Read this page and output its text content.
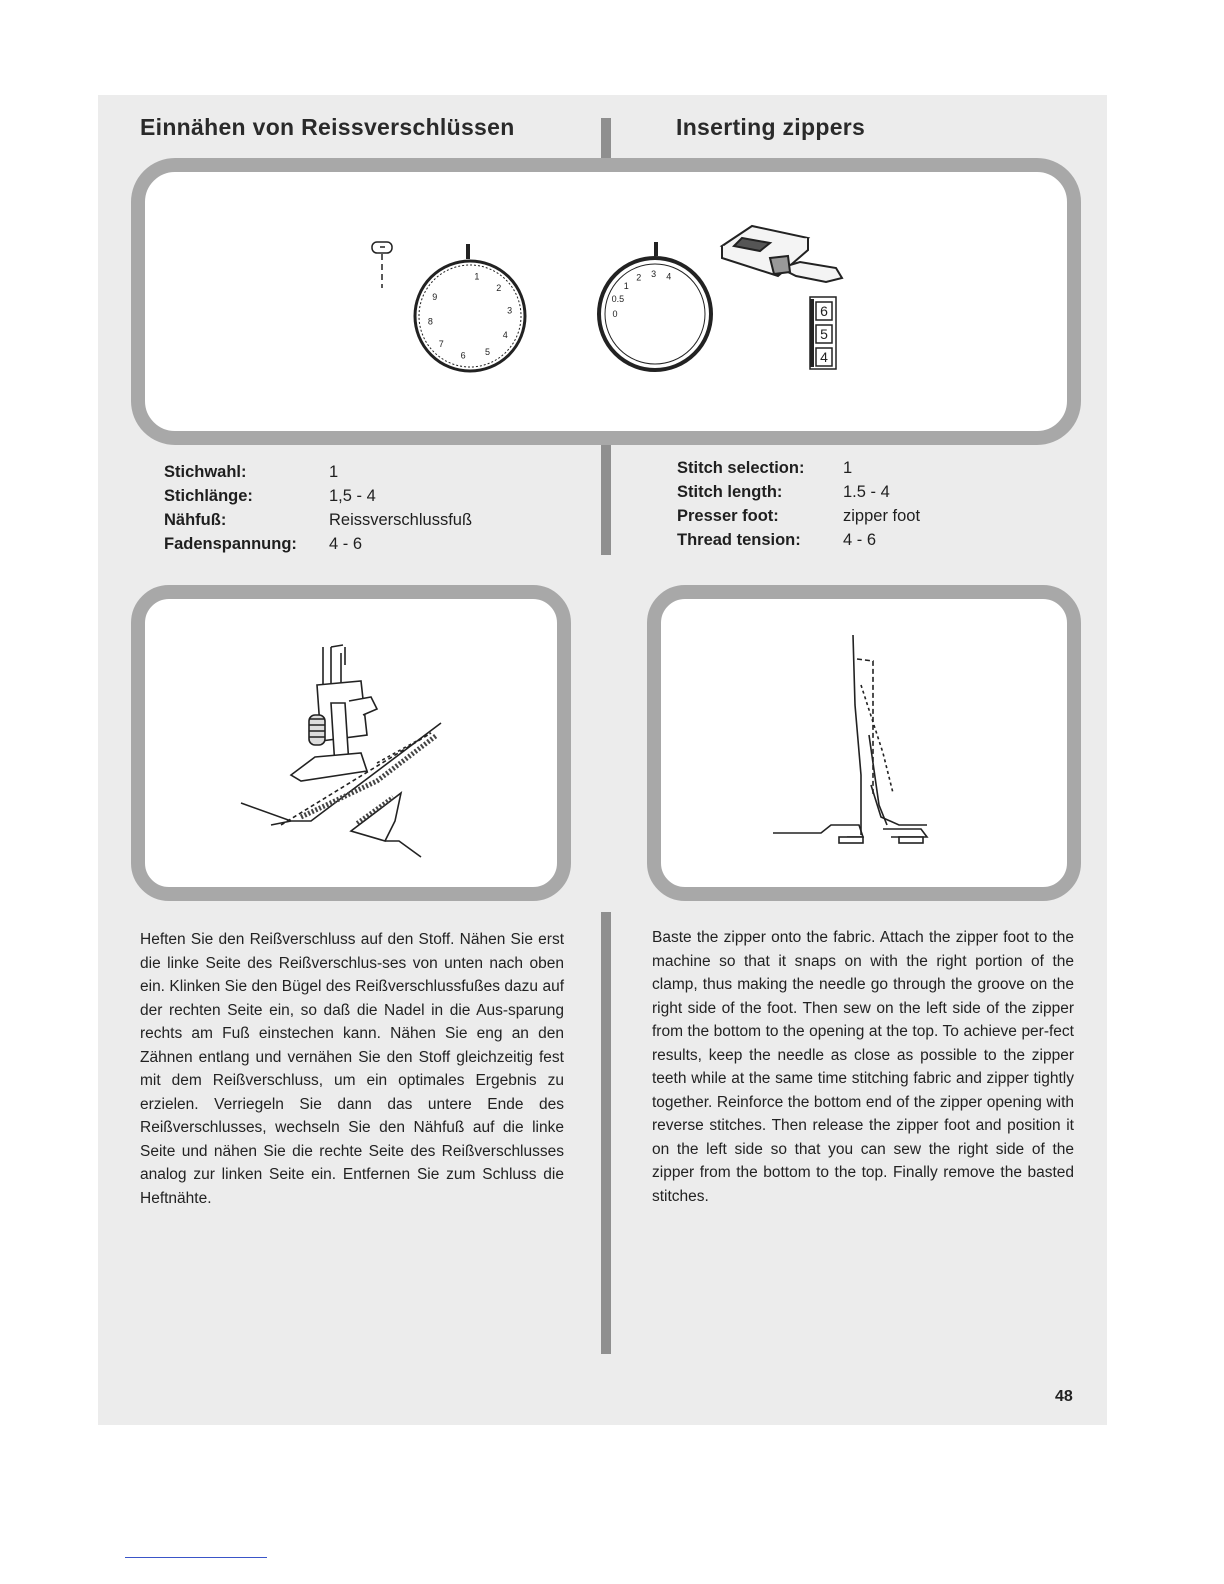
Einnähen von Reissverschlüssen	Inserting zippers
1
2
3
4
5
6
7
8
9
0
0.5
1
2 3 4
6
5
4
Stichwahl:	1
Stichlänge:	1,5 - 4
Nähfuß:	Reissverschlussfuß
Fadenspannung:	4 - 6
Stitch selection:	1
Stitch length:	1.5 - 4
Presser foot:	zipper foot
Thread tension:	4 - 6
Heften Sie den Reißverschluss auf den Stoff. Nähen Sie erst die linke Seite des Reißverschlus-ses von unten nach oben ein. Klinken Sie den Bügel des Reißverschlussfußes dazu auf der rechten Seite ein, so daß die Nadel in die Aus-sparung rechts am Fuß einstechen kann. Nähen Sie eng an den Zähnen entlang und vernähen Sie den Stoff gleichzeitig fest mit dem Reißverschluss, um ein optimales Ergebnis zu erzielen. Verriegeln Sie dann das untere Ende des Reißverschlusses, wechseln Sie den Nähfuß auf die linke Seite und nähen Sie die rechte Seite des Reißverschlusses analog zur linken Seite ein. Entfernen Sie zum Schluss die Heftnähte.
Baste the zipper onto the fabric. Attach the zipper foot to the machine so that it snaps on with the right portion of the clamp, thus making the needle go through the groove on the right side of the foot. Then sew on the left side of the zipper from the bottom to the opening at the top. To achieve per-fect results, keep the needle as close as possible to the zipper teeth while at the same time stitching fabric and zipper tightly together. Reinforce the bottom end of the zipper opening with reverse stitches. Then release the zipper foot and position it on the left side so that you can sew the right side of the zipper from the bottom to the top. Finally remove the basted stitches.
48
